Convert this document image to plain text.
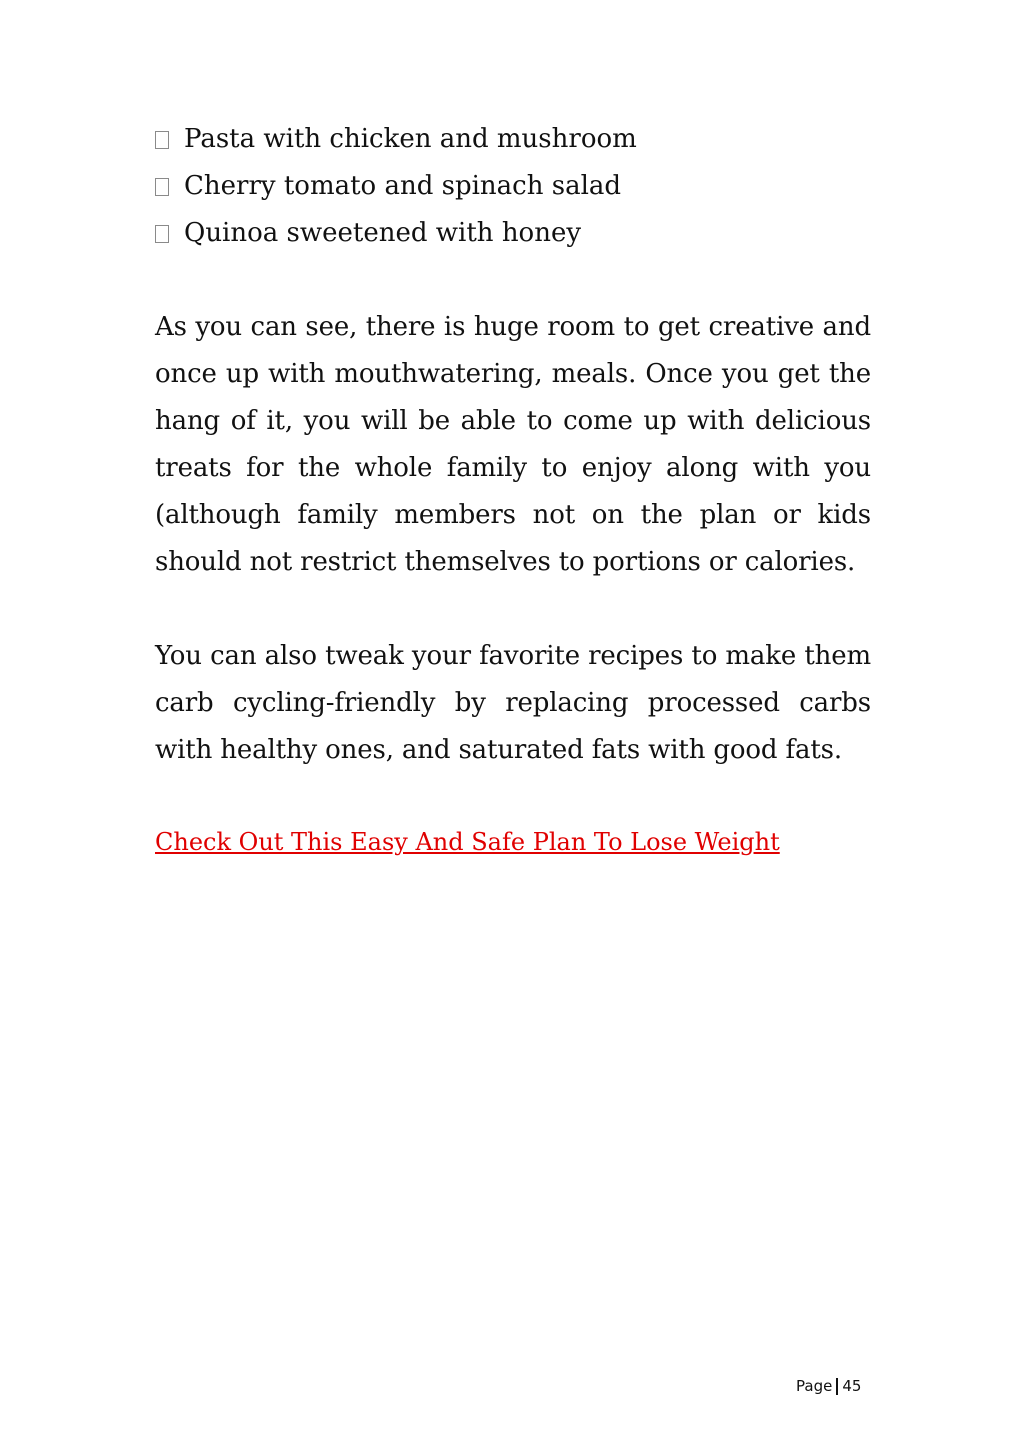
Pasta with chicken and mushroom
Cherry tomato and spinach salad
Quinoa sweetened with honey

As you can see, there is huge room to get creative and once up with mouthwatering, meals. Once you get the hang of it, you will be able to come up with delicious treats for the whole family to enjoy along with you (although family members not on the plan or kids should not restrict themselves to portions or calories.

You can also tweak your favorite recipes to make them carb cycling-friendly by replacing processed carbs with healthy ones, and saturated fats with good fats.

Check Out This Easy And Safe Plan To Lose Weight
Page 45
